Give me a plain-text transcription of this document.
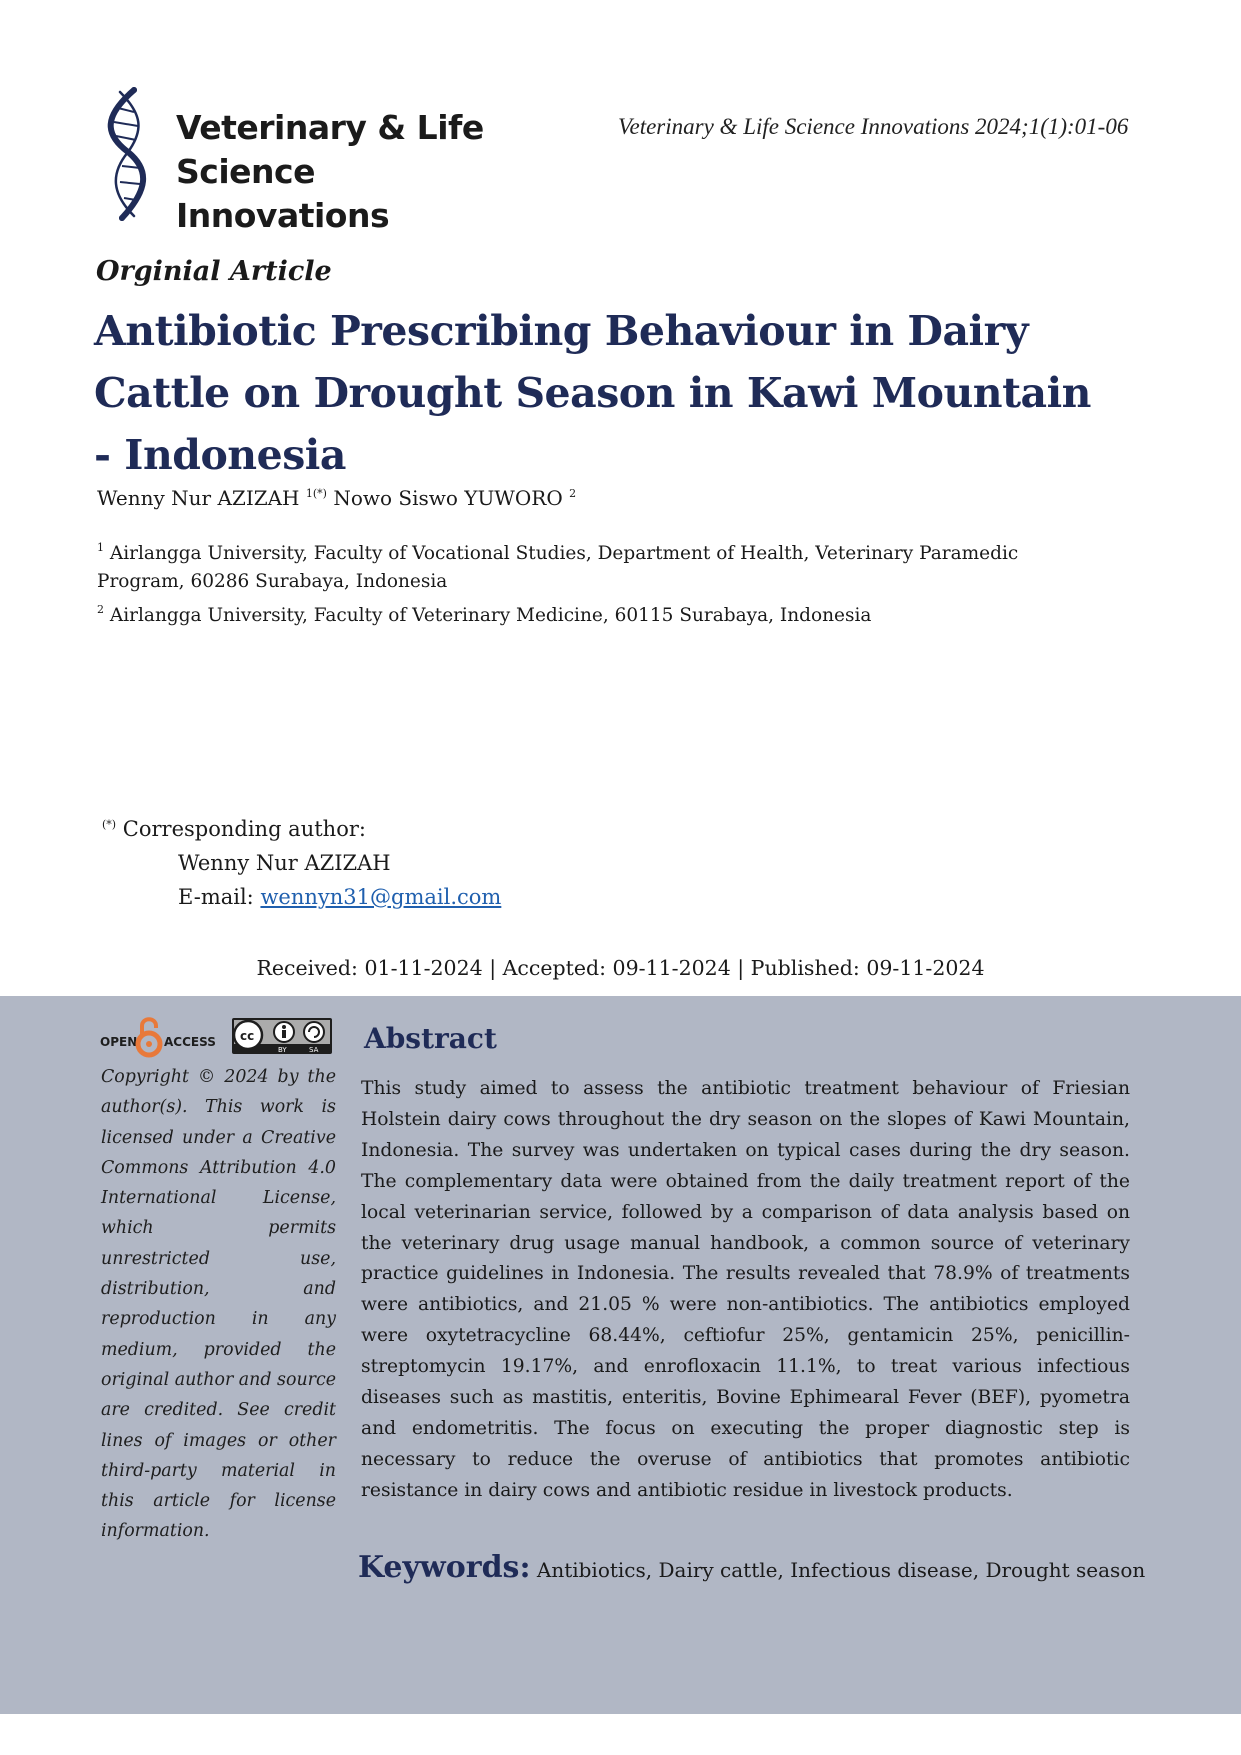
Veterinary & Life Science
Innovations
Veterinary & Life Science Innovations 2024;1(1):01-06
Orginial Article
Antibiotic Prescribing Behaviour in Dairy Cattle on Drought Season in Kawi Mountain - Indonesia
Wenny Nur AZIZAH $^{1(*)}$ Nowo Siswo YUWORO $^2$

$^1$ Airlangga University, Faculty of Vocational Studies, Department of Health, Veterinary Paramedic Program, 60286 Surabaya, Indonesia

$^2$ Airlangga University, Faculty of Veterinary Medicine, 60115 Surabaya, Indonesia

(*) Corresponding author:
Wenny Nur AZIZAH
E-mail: wennyn31@gmail.com
Received: 01-11-2024 | Accepted: 09-11-2024 | Published: 09-11-2024
OPEN ACCESS cc
BY	SA
Copyright © 2024 by the author(s). This work is licensed under a Creative Commons Attribution 4.0 International License, which permits unrestricted use, distribution, and reproduction in any medium, provided the original author and source are credited. See credit lines of images or other third-party material in this article for license information.
Abstract
This study aimed to assess the antibiotic treatment behaviour of Friesian Holstein dairy cows throughout the dry season on the slopes of Kawi Mountain, Indonesia. The survey was undertaken on typical cases during the dry season. The complementary data were obtained from the daily treatment report of the local veterinarian service, followed by a comparison of data analysis based on the veterinary drug usage manual handbook, a common source of veterinary practice guidelines in Indonesia. The results revealed that 78.9% of treatments were antibiotics, and 21.05 % were non-antibiotics. The antibiotics employed were oxytetracycline 68.44%, ceftiofur 25%, gentamicin 25%, penicillin-streptomycin 19.17%, and enrofloxacin 11.1%, to treat various infectious diseases such as mastitis, enteritis, Bovine Ephimearal Fever (BEF), pyometra and endometritis. The focus on executing the proper diagnostic step is necessary to reduce the overuse of antibiotics that promotes antibiotic resistance in dairy cows and antibiotic residue in livestock products.
Keywords: Antibiotics, Dairy cattle, Infectious disease, Drought season
